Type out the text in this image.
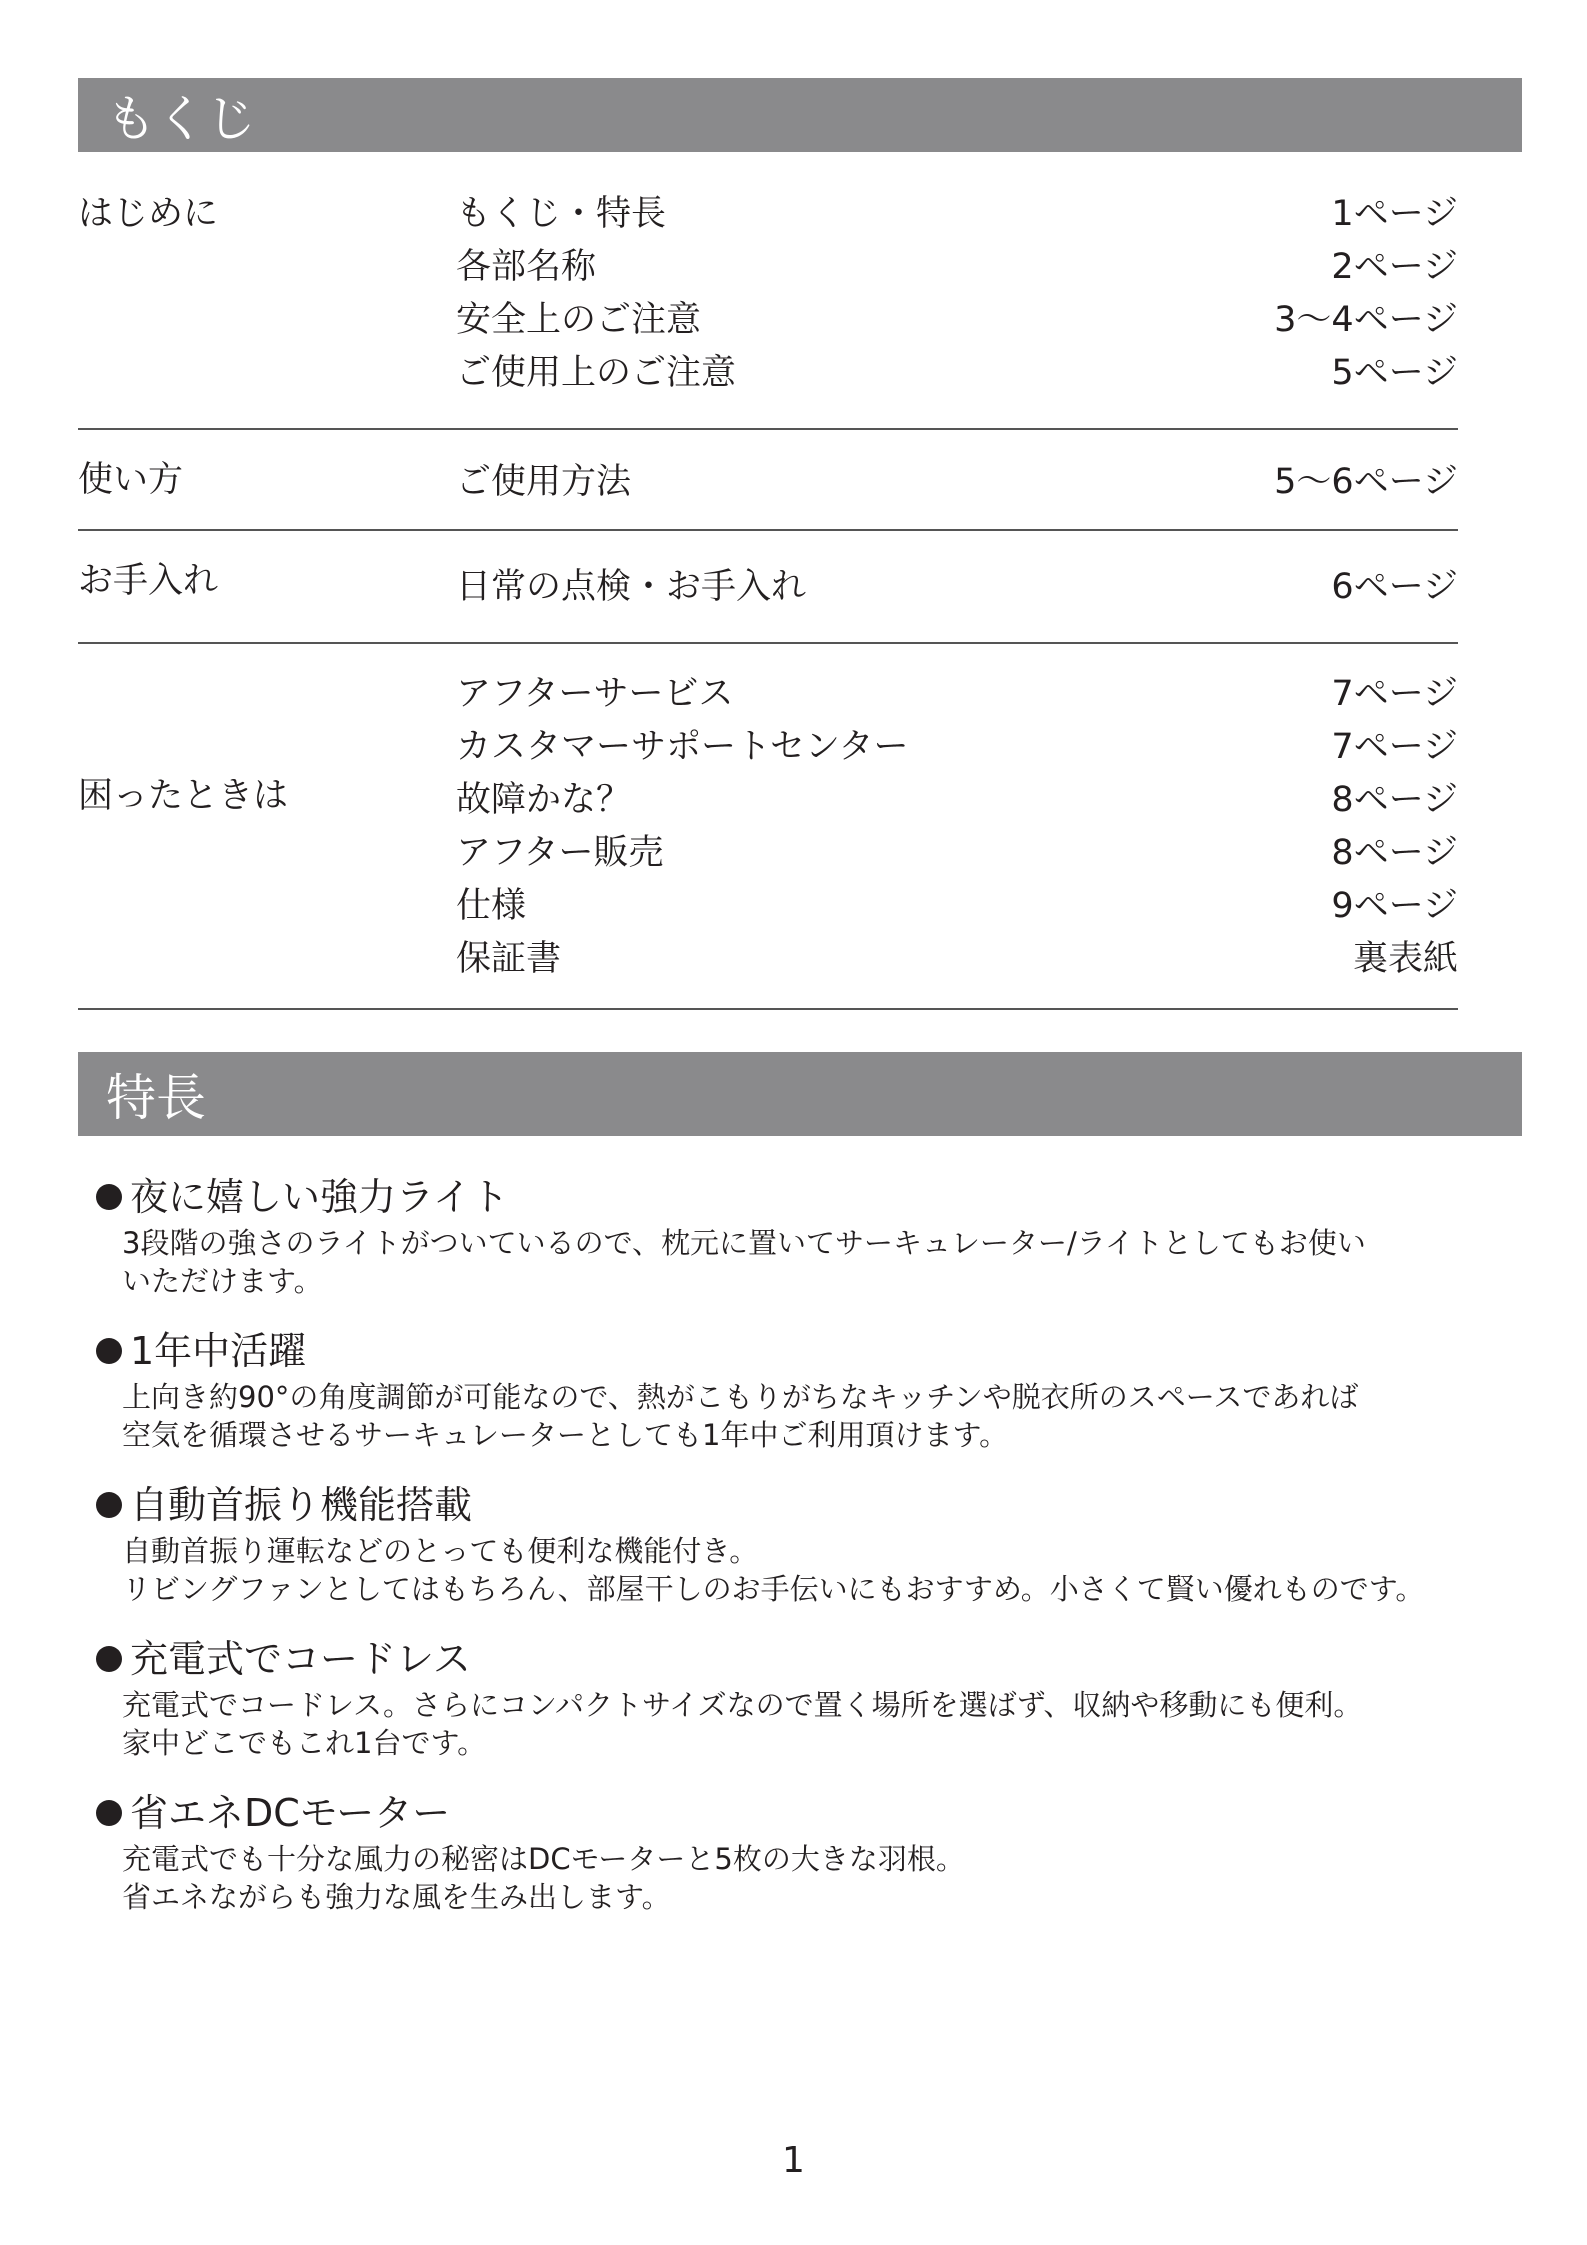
もくじ
はじめに	もくじ・特長	1ページ
各部名称	2ページ
安全上のご注意	3〜4ページ
ご使用上のご注意	5ページ
使い方	ご使用方法	5〜6ページ
お手入れ	日常の点検・お手入れ	6ページ
困ったときは
アフターサービス	7ページ
カスタマーサポートセンター	7ページ
故障かな？	8ページ
アフター販売	8ページ
仕様	9ページ
保証書	裏表紙
特長
夜に嬉しい強力ライト
3段階の強さのライトがついているので、枕元に置いてサーキュレーター/ライトとしてもお使い
いただけます。
1年中活躍
上向き約90°の角度調節が可能なので、熱がこもりがちなキッチンや脱衣所のスペースであれば
空気を循環させるサーキュレーターとしても1年中ご利用頂けます。
自動首振り機能搭載
自動首振り運転などのとっても便利な機能付き。
リビングファンとしてはもちろん、部屋干しのお手伝いにもおすすめ。小さくて賢い優れものです。
充電式でコードレス
充電式でコードレス。さらにコンパクトサイズなので置く場所を選ばず、収納や移動にも便利。
家中どこでもこれ1台です。
省エネDCモーター
充電式でも十分な風力の秘密はDCモーターと5枚の大きな羽根。
省エネながらも強力な風を生み出します。
1
